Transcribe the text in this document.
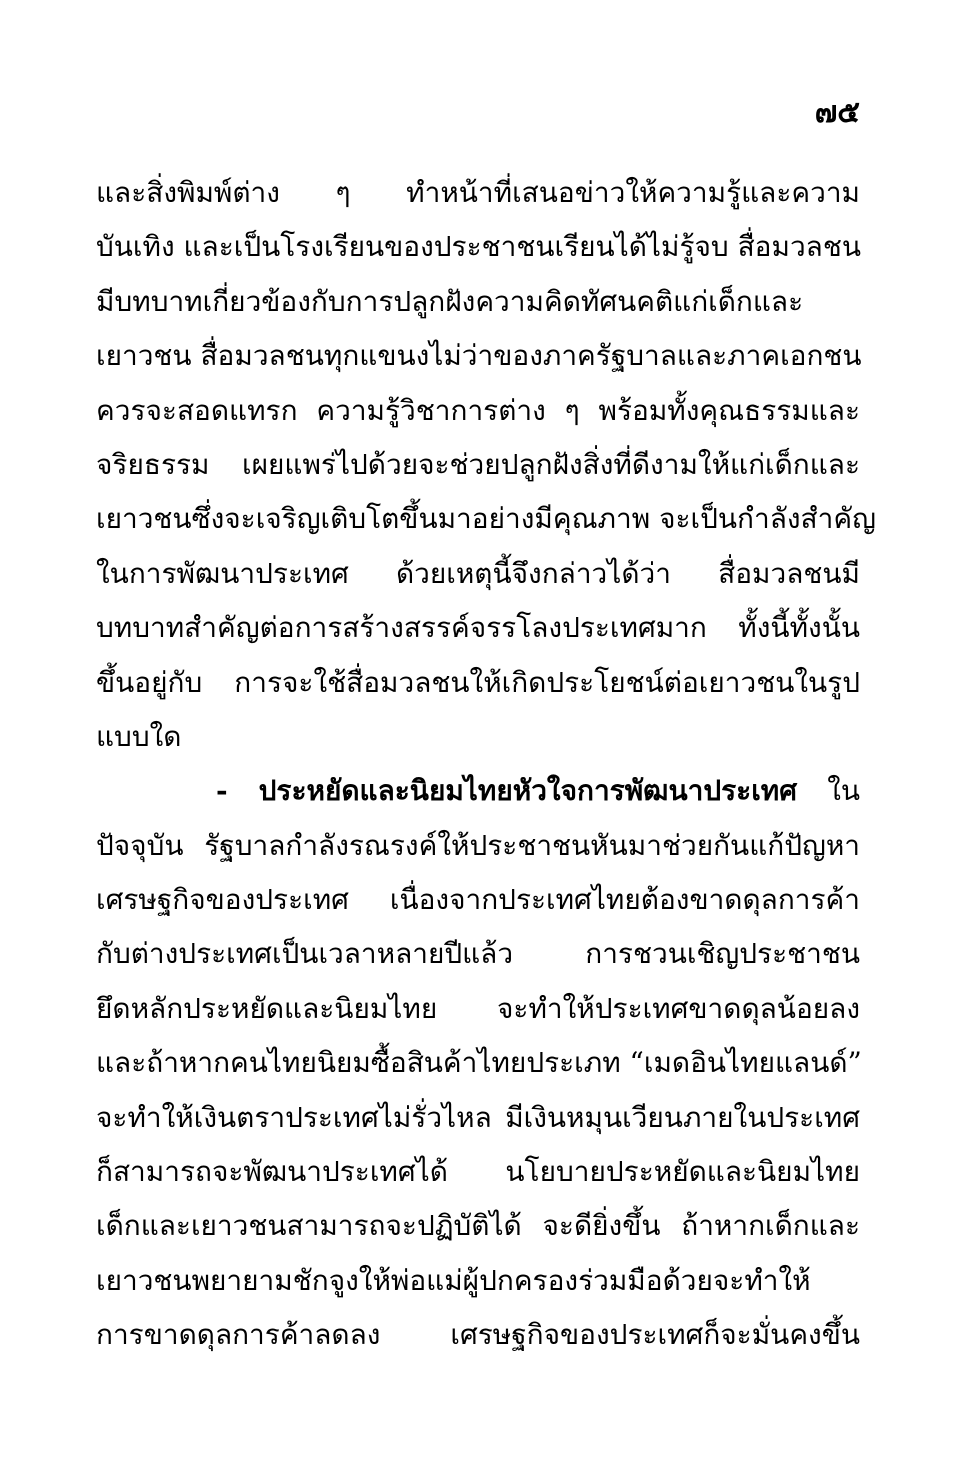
๗๕
และสิ่งพิมพ์ต่าง ๆ ทำหน้าที่เสนอข่าวให้ความรู้และความ
บันเทิง และเป็นโรงเรียนของประชาชนเรียนได้ไม่รู้จบ สื่อมวลชน
มีบทบาทเกี่ยวข้องกับการปลูกฝังความคิดทัศนคติแก่เด็กและ
เยาวชน สื่อมวลชนทุกแขนงไม่ว่าของภาครัฐบาลและภาคเอกชน
ควรจะสอดแทรก ความรู้วิชาการต่าง ๆ พร้อมทั้งคุณธรรมและ
จริยธรรม เผยแพร่ไปด้วยจะช่วยปลูกฝังสิ่งที่ดีงามให้แก่เด็กและ
เยาวชนซึ่งจะเจริญเติบโตขึ้นมาอย่างมีคุณภาพ จะเป็นกำลังสำคัญ
ในการพัฒนาประเทศ ด้วยเหตุนี้จึงกล่าวได้ว่า สื่อมวลชนมี
บทบาทสำคัญต่อการสร้างสรรค์จรรโลงประเทศมาก ทั้งนี้ทั้งนั้น
ขึ้นอยู่กับ การจะใช้สื่อมวลชนให้เกิดประโยชน์ต่อเยาวชนในรูป
แบบใด
- ประหยัดและนิยมไทยหัวใจการพัฒนาประเทศ ใน
ปัจจุบัน รัฐบาลกำลังรณรงค์ให้ประชาชนหันมาช่วยกันแก้ปัญหา
เศรษฐกิจของประเทศ เนื่องจากประเทศไทยต้องขาดดุลการค้า
กับต่างประเทศเป็นเวลาหลายปีแล้ว การชวนเชิญประชาชน
ยึดหลักประหยัดและนิยมไทย จะทำให้ประเทศขาดดุลน้อยลง
และถ้าหากคนไทยนิยมซื้อสินค้าไทยประเภท “เมดอินไทยแลนด์”
จะทำให้เงินตราประเทศไม่รั่วไหล มีเงินหมุนเวียนภายในประเทศ
ก็สามารถจะพัฒนาประเทศได้ นโยบายประหยัดและนิยมไทย
เด็กและเยาวชนสามารถจะปฏิบัติได้ จะดียิ่งขึ้น ถ้าหากเด็กและ
เยาวชนพยายามชักจูงให้พ่อแม่ผู้ปกครองร่วมมือด้วยจะทำให้
การขาดดุลการค้าลดลง เศรษฐกิจของประเทศก็จะมั่นคงขึ้น
